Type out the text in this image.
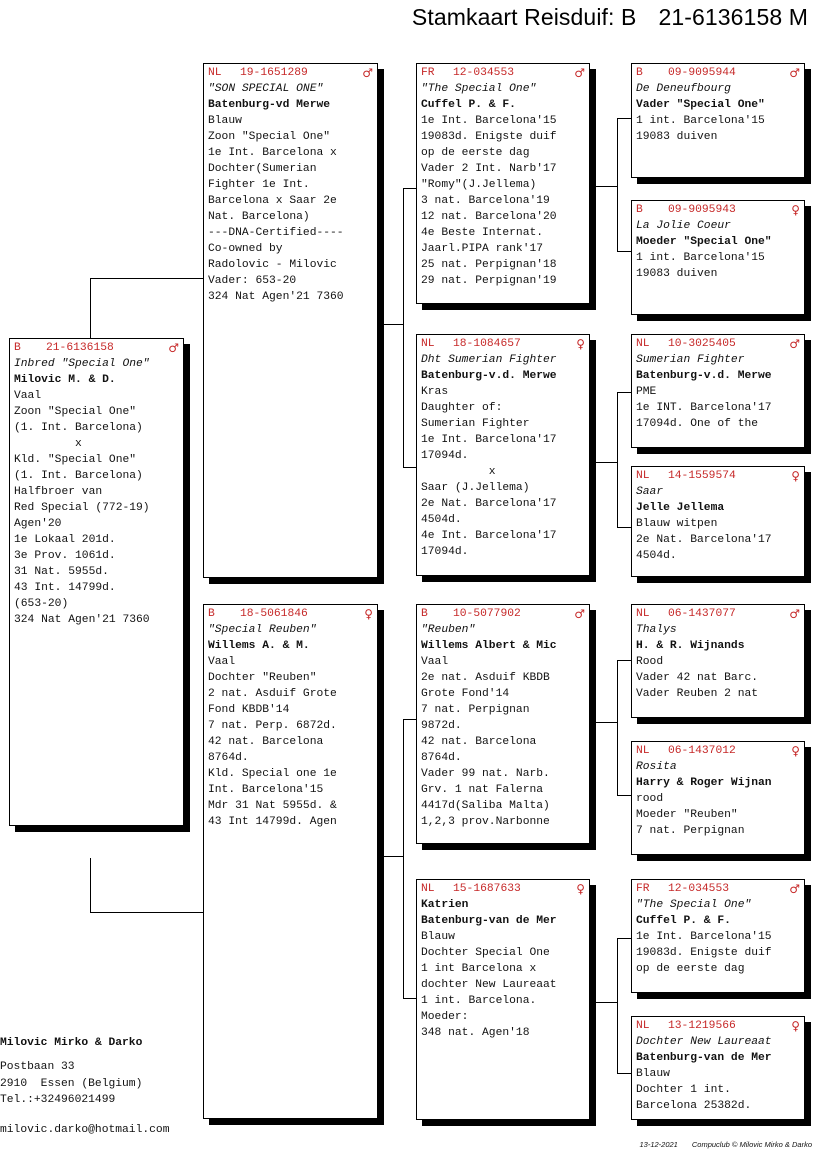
Stamkaart Reisduif: B 21-6136158 M
B	21-6136158	♂
Inbred "Special One"
Milovic M. & D.
Vaal
Zoon "Special One"
(1. Int. Barcelona)
x
Kld. "Special One"
(1. Int. Barcelona)
Halfbroer van
Red Special (772-19)
Agen'20
1e Lokaal 201d.
3e Prov. 1061d.
31 Nat. 5955d.
43 Int. 14799d.
(653-20)
324 Nat Agen'21 7360
NL	19-1651289	♂
"SON SPECIAL ONE"
Batenburg-vd Merwe
Blauw
Zoon "Special One"
1e Int. Barcelona x
Dochter(Sumerian
Fighter 1e Int.
Barcelona x Saar 2e
Nat. Barcelona)
---DNA-Certified----
Co-owned by
Radolovic - Milovic
Vader: 653-20
324 Nat Agen'21 7360
B	18-5061846	♀
"Special Reuben"
Willems A. & M.
Vaal
Dochter "Reuben"
2 nat. Asduif Grote
Fond KBDB'14
7 nat. Perp. 6872d.
42 nat. Barcelona
8764d.
Kld. Special one 1e
Int. Barcelona'15
Mdr 31 Nat 5955d. &
43 Int 14799d. Agen
FR	12-034553	♂
"The Special One"
Cuffel P. & F.
1e Int. Barcelona'15
19083d. Enigste duif
op de eerste dag
Vader 2 Int. Narb'17
"Romy"(J.Jellema)
3 nat. Barcelona'19
12 nat. Barcelona'20
4e Beste Internat.
Jaarl.PIPA rank'17
25 nat. Perpignan'18
29 nat. Perpignan'19
NL	18-1084657	♀
Dht Sumerian Fighter
Batenburg-v.d. Merwe
Kras
Daughter of:
Sumerian Fighter
1e Int. Barcelona'17
17094d.
x
Saar (J.Jellema)
2e Nat. Barcelona'17
4504d.
4e Int. Barcelona'17
17094d.
B	10-5077902	♂
"Reuben"
Willems Albert & Mic
Vaal
2e nat. Asduif KBDB
Grote Fond'14
7 nat. Perpignan
9872d.
42 nat. Barcelona
8764d.
Vader 99 nat. Narb.
Grv. 1 nat Falerna
4417d(Saliba Malta)
1,2,3 prov.Narbonne
NL	15-1687633	♀
Katrien
Batenburg-van de Mer
Blauw
Dochter Special One
1 int Barcelona x
dochter New Laureaat
1 int. Barcelona.
Moeder:
348 nat. Agen'18
B	09-9095944	♂
De Deneufbourg
Vader "Special One"
1 int. Barcelona'15
19083 duiven
B	09-9095943	♀
La Jolie Coeur
Moeder "Special One"
1 int. Barcelona'15
19083 duiven
NL	10-3025405	♂
Sumerian Fighter
Batenburg-v.d. Merwe
PME
1e INT. Barcelona'17
17094d. One of the
NL	14-1559574	♀
Saar
Jelle Jellema
Blauw witpen
2e Nat. Barcelona'17
4504d.
NL	06-1437077	♂
Thalys
H. & R. Wijnands
Rood
Vader 42 nat Barc.
Vader Reuben 2 nat
NL	06-1437012	♀
Rosita
Harry & Roger Wijnan
rood
Moeder "Reuben"
7 nat. Perpignan
FR	12-034553	♂
"The Special One"
Cuffel P. & F.
1e Int. Barcelona'15
19083d. Enigste duif
op de eerste dag
NL	13-1219566	♀
Dochter New Laureaat
Batenburg-van de Mer
Blauw
Dochter 1 int.
Barcelona 25382d.
Milovic Mirko & Darko
Postbaan 33
2910  Essen (Belgium)
Tel.:+32496021499
milovic.darko@hotmail.com
13-12-2021 Compuclub © Milovic Mirko & Darko
